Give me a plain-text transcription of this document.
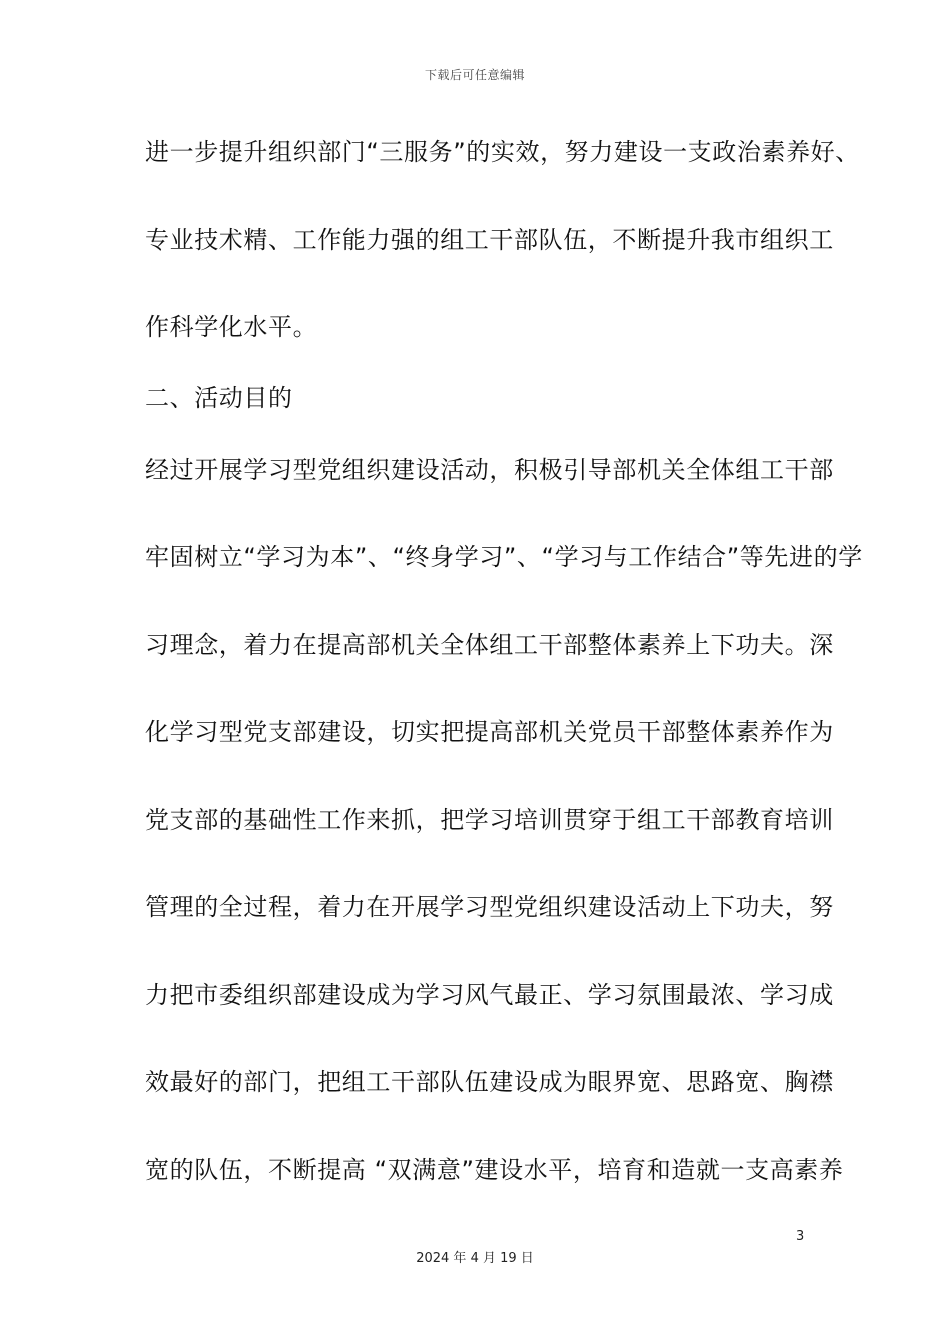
下载后可任意编辑
进一步提升组织部门“三服务”的实效，努力建设一支政治素养好、
专业技术精、工作能力强的组工干部队伍，不断提升我市组织工
作科学化水平。
二、活动目的
经过开展学习型党组织建设活动，积极引导部机关全体组工干部
牢固树立“学习为本”、“终身学习”、“学习与工作结合”等先进的学
习理念，着力在提高部机关全体组工干部整体素养上下功夫。深
化学习型党支部建设，切实把提高部机关党员干部整体素养作为
党支部的基础性工作来抓，把学习培训贯穿于组工干部教育培训
管理的全过程，着力在开展学习型党组织建设活动上下功夫，努
力把市委组织部建设成为学习风气最正、学习氛围最浓、学习成
效最好的部门，把组工干部队伍建设成为眼界宽、思路宽、胸襟
宽的队伍，不断提高 “双满意”建设水平，培育和造就一支高素养
3
2024 年 4 月 19 日
